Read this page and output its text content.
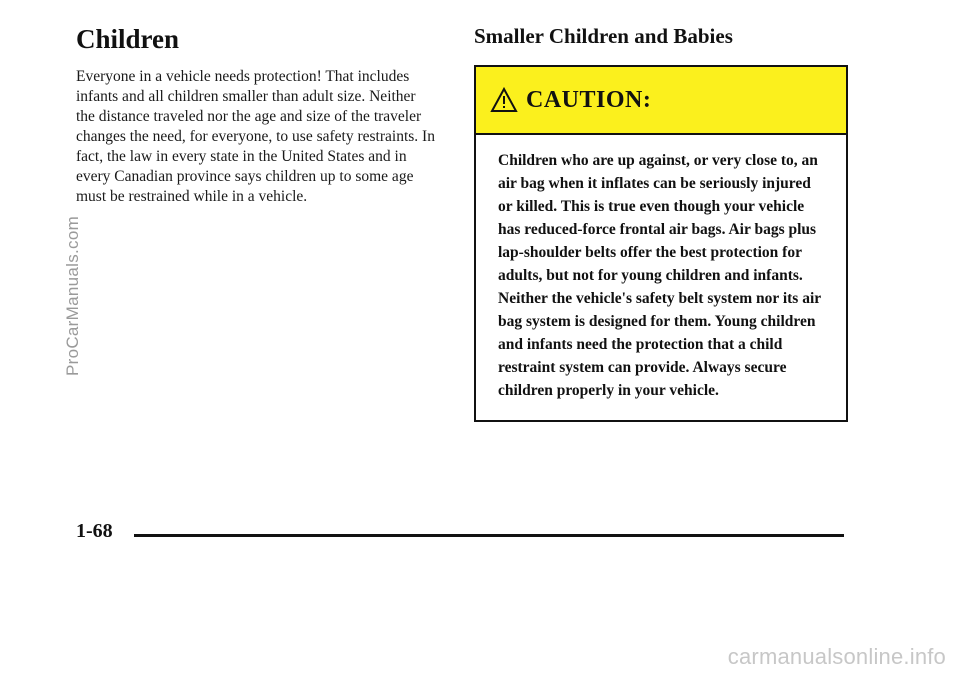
ProCarManuals.com
Children

Everyone in a vehicle needs protection! That includes infants and all children smaller than adult size. Neither the distance traveled nor the age and size of the traveler changes the need, for everyone, to use safety restraints. In fact, the law in every state in the United States and in every Canadian province says children up to some age must be restrained while in a vehicle.

Smaller Children and Babies
CAUTION:
Children who are up against, or very close to, an air bag when it inflates can be seriously injured or killed. This is true even though your vehicle has reduced-force frontal air bags. Air bags plus lap-shoulder belts offer the best protection for adults, but not for young children and infants. Neither the vehicle's safety belt system nor its air bag system is designed for them. Young children and infants need the protection that a child restraint system can provide. Always secure children properly in your vehicle.
1-68
carmanualsonline.info
